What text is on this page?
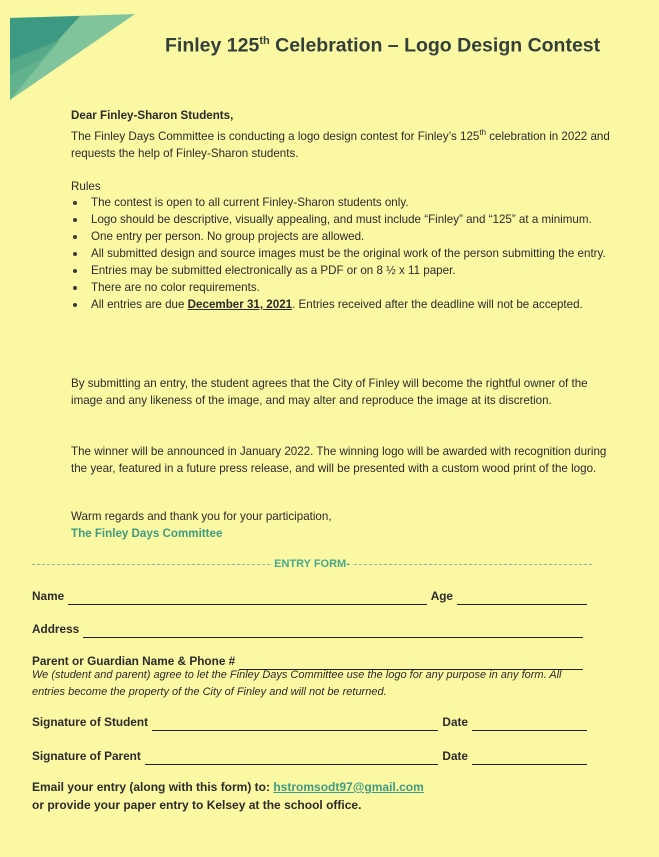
Finley 125th Celebration – Logo Design Contest
Dear Finley-Sharon Students,
The Finley Days Committee is conducting a logo design contest for Finley’s 125th celebration in 2022 and requests the help of Finley-Sharon students.
Rules
The contest is open to all current Finley-Sharon students only.
Logo should be descriptive, visually appealing, and must include “Finley” and “125” at a minimum.
One entry per person. No group projects are allowed.
All submitted design and source images must be the original work of the person submitting the entry.
Entries may be submitted electronically as a PDF or on 8 ½ x 11 paper.
There are no color requirements.
All entries are due December 31, 2021. Entries received after the deadline will not be accepted.
By submitting an entry, the student agrees that the City of Finley will become the rightful owner of the image and any likeness of the image, and may alter and reproduce the image at its discretion.
The winner will be announced in January 2022. The winning logo will be awarded with recognition during the year, featured in a future press release, and will be presented with a custom wood print of the logo.
Warm regards and thank you for your participation,
The Finley Days Committee
ENTRY FORM-
Name	Age
Address
Parent or Guardian Name & Phone #
We (student and parent) agree to let the Finley Days Committee use the logo for any purpose in any form. All entries become the property of the City of Finley and will not be returned.
Signature of Student	Date
Signature of Parent	Date
Email your entry (along with this form) to: hstromsodt97@gmail.com
or provide your paper entry to Kelsey at the school office.
